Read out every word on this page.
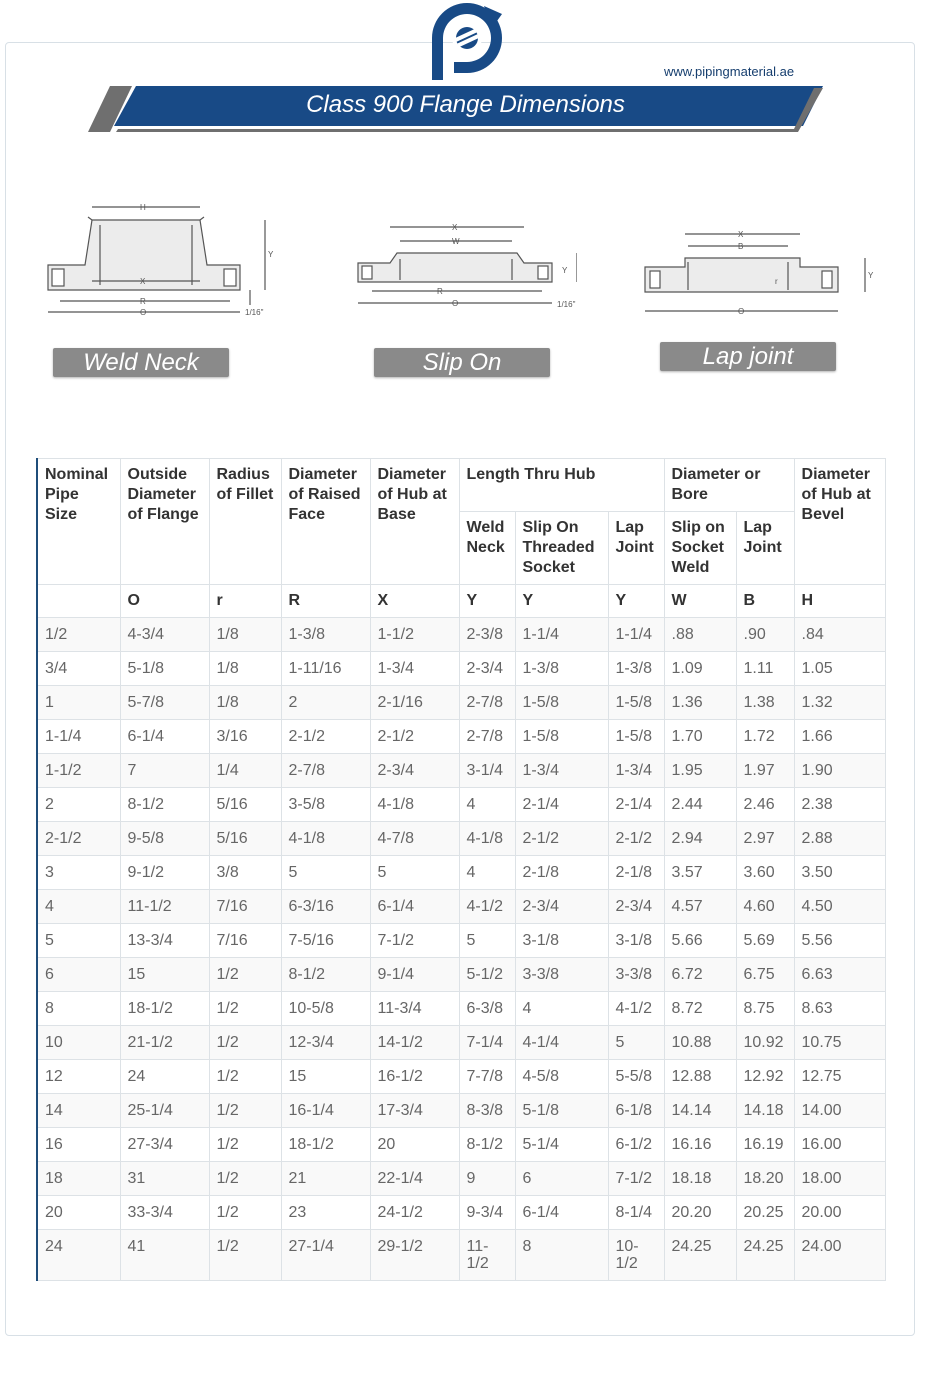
www.pipingmaterial.ae
Class 900 Flange Dimensions
H
X
R
O
Y
1/16"
Weld Neck
X
W
R
O
Y
1/16"
Slip On
X
B
r
O
Y
Lap joint
Nominal Pipe Size	Outside Diameter of Flange	Radius of Fillet	Diameter of Raised Face	Diameter of Hub at Base	Length Thru Hub			Diameter or Bore		Diameter of Hub at Bevel
					Weld Neck	Slip On Threaded Socket	Lap Joint	Slip on Socket Weld	Lap Joint	
	O	r	R	X	Y	Y	Y	W	B	H
1/2	4-3/4	1/8	1-3/8	1-1/2	2-3/8	1-1/4	1-1/4	.88	.90	.84
3/4	5-1/8	1/8	1-11/16	1-3/4	2-3/4	1-3/8	1-3/8	1.09	1.11	1.05
1	5-7/8	1/8	2	2-1/16	2-7/8	1-5/8	1-5/8	1.36	1.38	1.32
1-1/4	6-1/4	3/16	2-1/2	2-1/2	2-7/8	1-5/8	1-5/8	1.70	1.72	1.66
1-1/2	7	1/4	2-7/8	2-3/4	3-1/4	1-3/4	1-3/4	1.95	1.97	1.90
2	8-1/2	5/16	3-5/8	4-1/8	4	2-1/4	2-1/4	2.44	2.46	2.38
2-1/2	9-5/8	5/16	4-1/8	4-7/8	4-1/8	2-1/2	2-1/2	2.94	2.97	2.88
3	9-1/2	3/8	5	5	4	2-1/8	2-1/8	3.57	3.60	3.50
4	11-1/2	7/16	6-3/16	6-1/4	4-1/2	2-3/4	2-3/4	4.57	4.60	4.50
5	13-3/4	7/16	7-5/16	7-1/2	5	3-1/8	3-1/8	5.66	5.69	5.56
6	15	1/2	8-1/2	9-1/4	5-1/2	3-3/8	3-3/8	6.72	6.75	6.63
8	18-1/2	1/2	10-5/8	11-3/4	6-3/8	4	4-1/2	8.72	8.75	8.63
10	21-1/2	1/2	12-3/4	14-1/2	7-1/4	4-1/4	5	10.88	10.92	10.75
12	24	1/2	15	16-1/2	7-7/8	4-5/8	5-5/8	12.88	12.92	12.75
14	25-1/4	1/2	16-1/4	17-3/4	8-3/8	5-1/8	6-1/8	14.14	14.18	14.00
16	27-3/4	1/2	18-1/2	20	8-1/2	5-1/4	6-1/2	16.16	16.19	16.00
18	31	1/2	21	22-1/4	9	6	7-1/2	18.18	18.20	18.00
20	33-3/4	1/2	23	24-1/2	9-3/4	6-1/4	8-1/4	20.20	20.25	20.00
24	41	1/2	27-1/4	29-1/2	11-1/2	8	10-1/2	24.25	24.25	24.00
